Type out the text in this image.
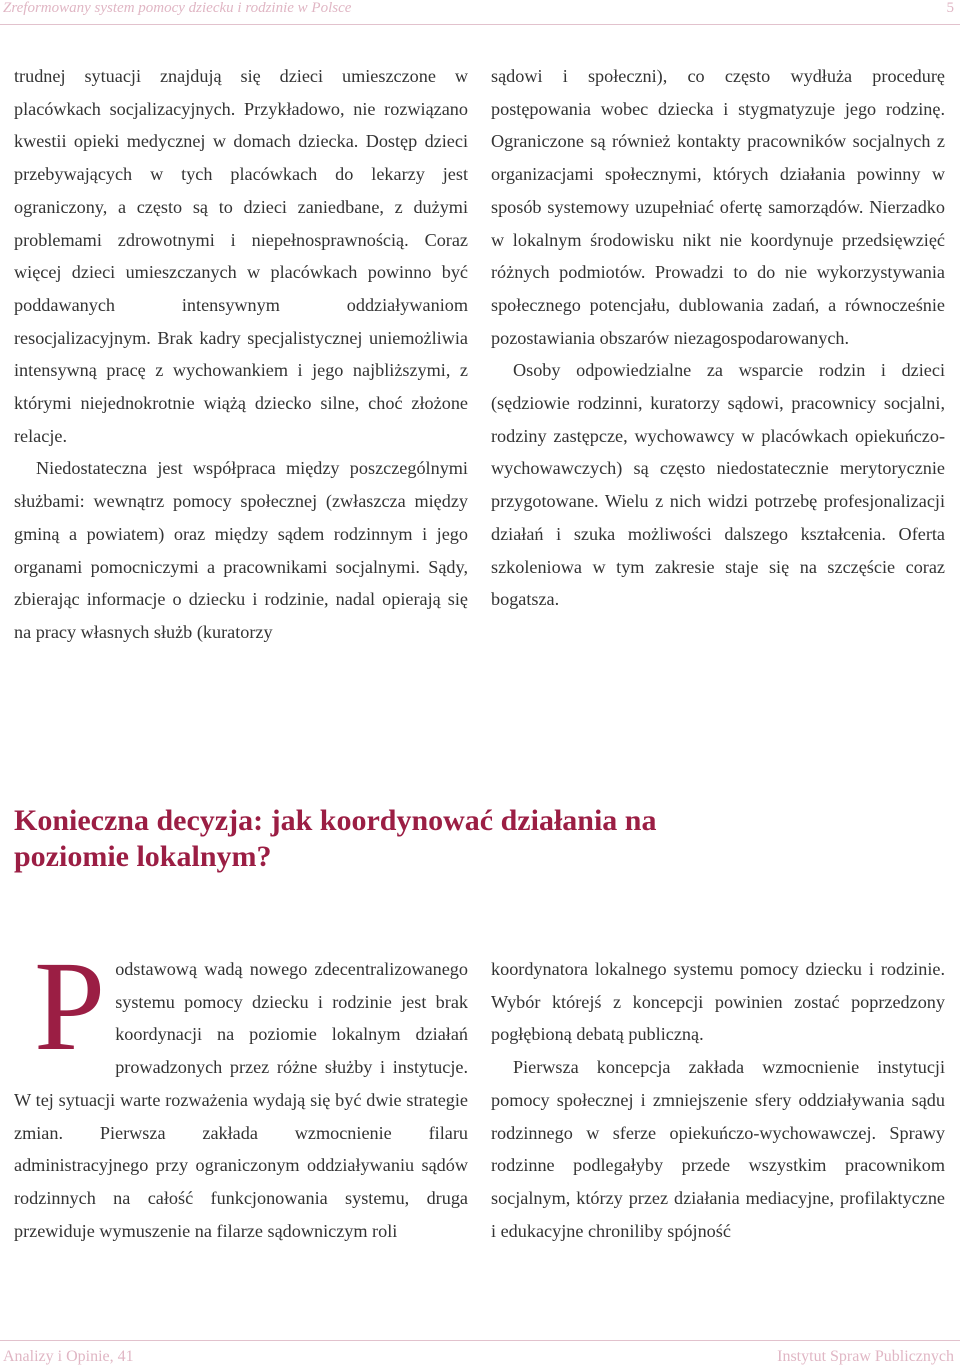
Zreformowany system pomocy dziecku i rodzinie w Polsce	5

trudnej sytuacji znajdują się dzieci umieszczone w placówkach socjalizacyjnych. Przykładowo, nie rozwiązano kwestii opieki medycznej w domach dziecka. Dostęp dzieci przebywających w tych placówkach do lekarzy jest ograniczony, a często są to dzieci zaniedbane, z dużymi problemami zdrowotnymi i niepełnosprawnością. Coraz więcej dzieci umieszczanych w placówkach powinno być poddawanych intensywnym oddziaływaniom resocjalizacyjnym. Brak kadry specjalistycznej uniemożliwia intensywną pracę z wychowankiem i jego najbliższymi, z którymi niejednokrotnie wiążą dziecko silne, choć złożone relacje.

Niedostateczna jest współpraca między poszczególnymi służbami: wewnątrz pomocy społecznej (zwłaszcza między gminą a powiatem) oraz między sądem rodzinnym i jego organami pomocniczymi a pracownikami socjalnymi. Sądy, zbierając informacje o dziecku i rodzinie, nadal opierają się na pracy własnych służb (kuratorzy

sądowi i społeczni), co często wydłuża procedurę postępowania wobec dziecka i stygmatyzuje jego rodzinę. Ograniczone są również kontakty pracowników socjalnych z organizacjami społecznymi, których działania powinny w sposób systemowy uzupełniać ofertę samorządów. Nierzadko w lokalnym środowisku nikt nie koordynuje przedsięwzięć różnych podmiotów. Prowadzi to do nie wykorzystywania społecznego potencjału, dublowania zadań, a równocześnie pozostawiania obszarów niezagospodarowanych.

Osoby odpowiedzialne za wsparcie rodzin i dzieci (sędziowie rodzinni, kuratorzy sądowi, pracownicy socjalni, rodziny zastępcze, wychowawcy w placówkach opiekuńczo-wychowawczych) są często niedostatecznie merytorycznie przygotowane. Wielu z nich widzi potrzebę profesjonalizacji działań i szuka możliwości dalszego kształcenia. Oferta szkoleniowa w tym zakresie staje się na szczęście coraz bogatsza.

Konieczna decyzja: jak koordynować działania na poziomie lokalnym?

Podstawową wadą nowego zdecentralizowanego systemu pomocy dziecku i rodzinie jest brak koordynacji na poziomie lokalnym działań prowadzonych przez różne służby i instytucje. W tej sytuacji warte rozważenia wydają się być dwie strategie zmian. Pierwsza zakłada wzmocnienie filaru administracyjnego przy ograniczonym oddziaływaniu sądów rodzinnych na całość funkcjonowania systemu, druga przewiduje wymuszenie na filarze sądowniczym roli

koordynatora lokalnego systemu pomocy dziecku i rodzinie. Wybór którejś z koncepcji powinien zostać poprzedzony pogłębioną debatą publiczną.

Pierwsza koncepcja zakłada wzmocnienie instytucji pomocy społecznej i zmniejszenie sfery oddziaływania sądu rodzinnego w sferze opiekuńczo-wychowawczej. Sprawy rodzinne podlegałyby przede wszystkim pracownikom socjalnym, którzy przez działania mediacyjne, profilaktyczne i edukacyjne chroniliby spójność

Analizy i Opinie, 41	Instytut Spraw Publicznych
